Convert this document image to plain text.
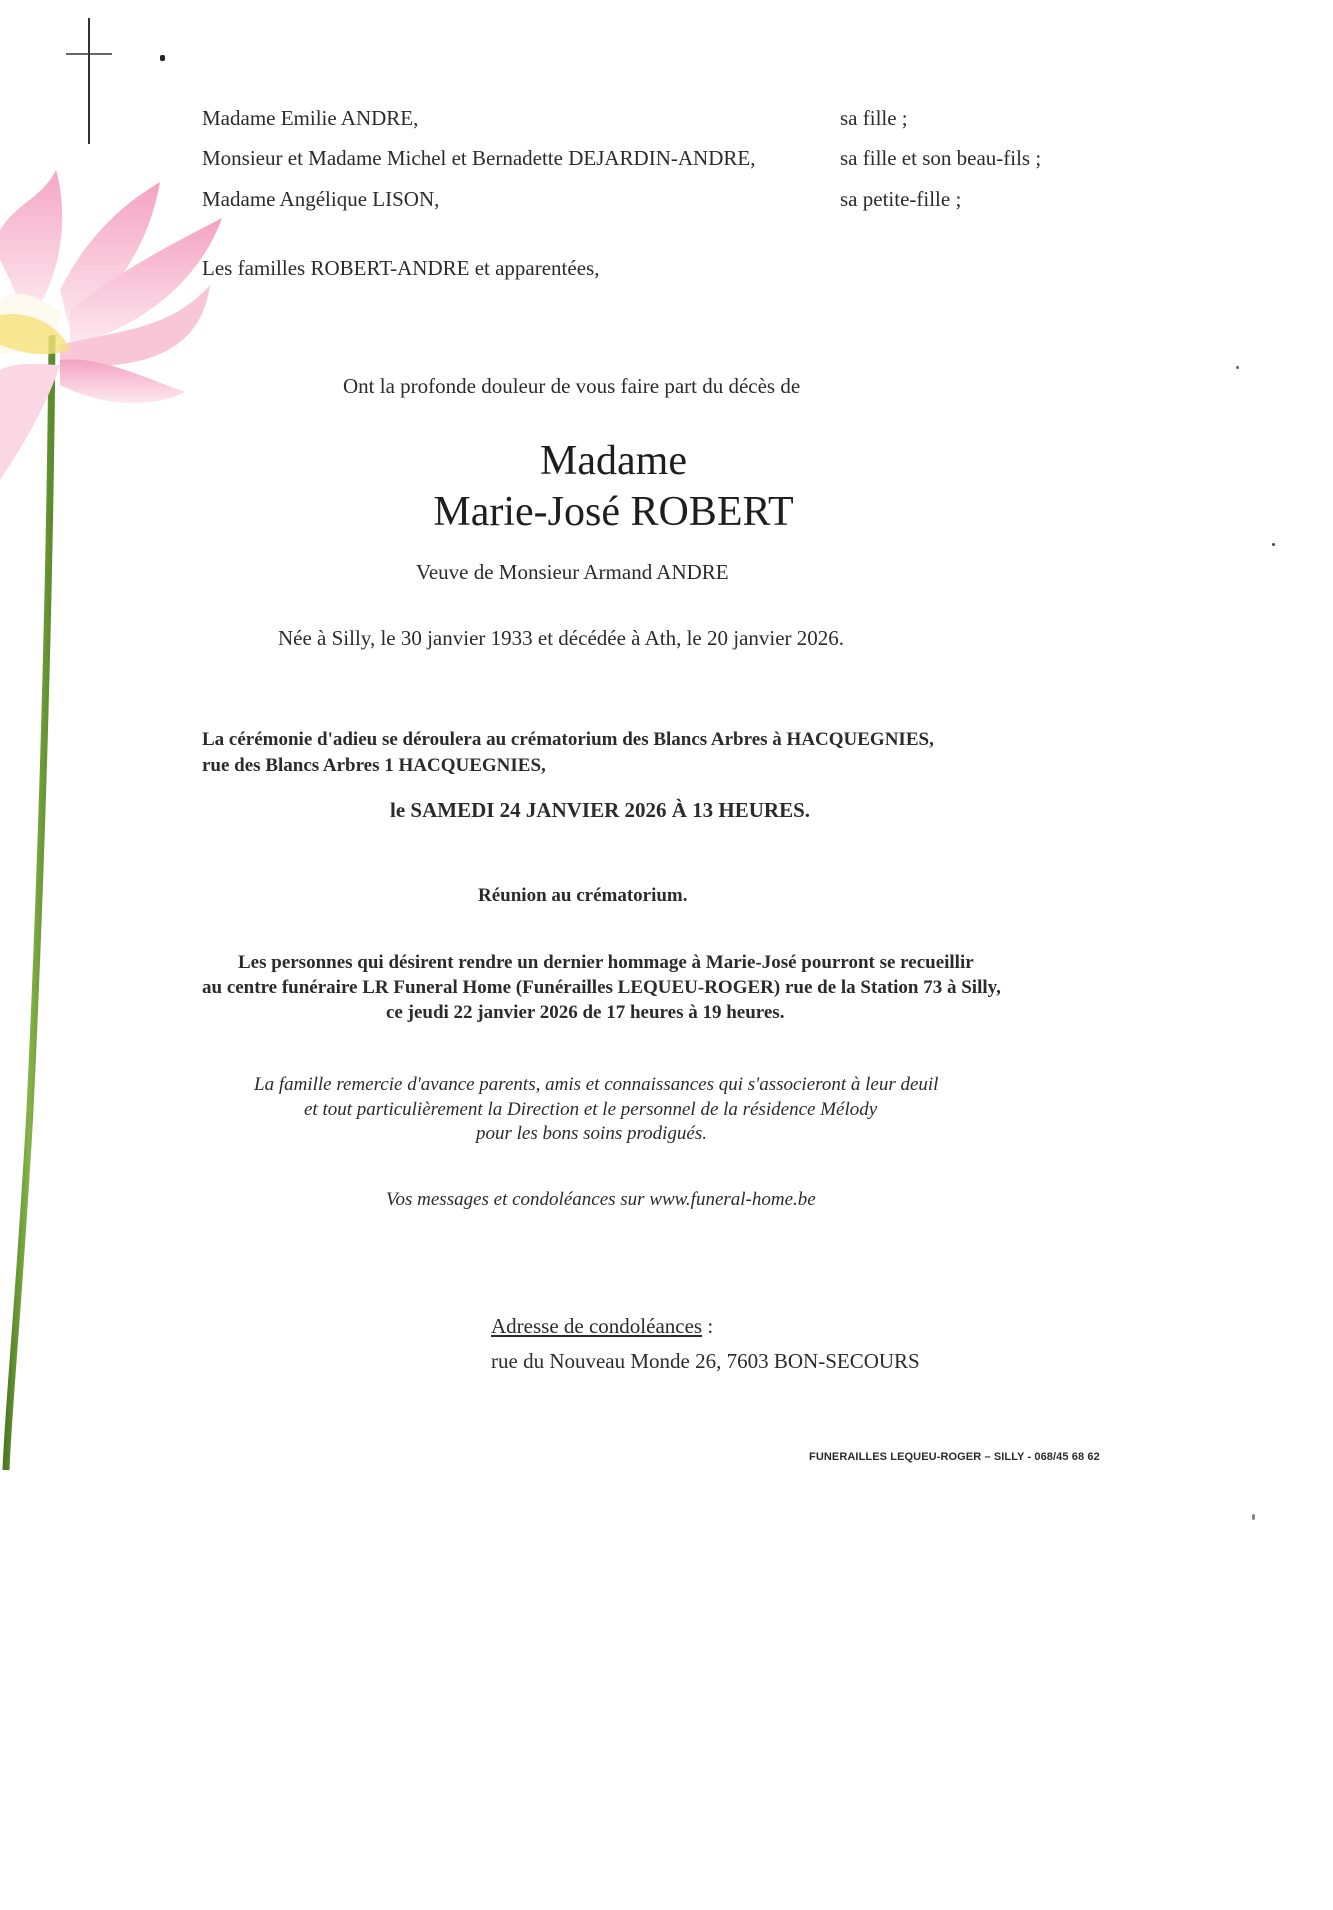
Madame Emilie ANDRE,	sa fille ;
Monsieur et Madame Michel et Bernadette DEJARDIN-ANDRE,	sa fille et son beau-fils ;
Madame Angélique LISON,	sa petite-fille ;
Les familles ROBERT-ANDRE et apparentées,
Ont la profonde douleur de vous faire part du décès de
Madame
Marie-José ROBERT
Veuve de Monsieur Armand ANDRE
Née à Silly, le 30 janvier 1933 et décédée à Ath, le 20 janvier 2026.
La cérémonie d'adieu se déroulera au crématorium des Blancs Arbres à HACQUEGNIES,
rue des Blancs Arbres 1 HACQUEGNIES,
le SAMEDI 24 JANVIER 2026 À 13 HEURES.
Réunion au crématorium.
Les personnes qui désirent rendre un dernier hommage à Marie-José pourront se recueillir
au centre funéraire LR Funeral Home (Funérailles LEQUEU-ROGER) rue de la Station 73 à Silly,
ce jeudi 22 janvier 2026 de 17 heures à 19 heures.
La famille remercie d'avance parents, amis et connaissances qui s'associeront à leur deuil
et tout particulièrement la Direction et le personnel de la résidence Mélody
pour les bons soins prodigués.
Vos messages et condoléances sur www.funeral-home.be
Adresse de condoléances :
rue du Nouveau Monde 26, 7603 BON-SECOURS
FUNERAILLES LEQUEU-ROGER – SILLY - 068/45 68 62
